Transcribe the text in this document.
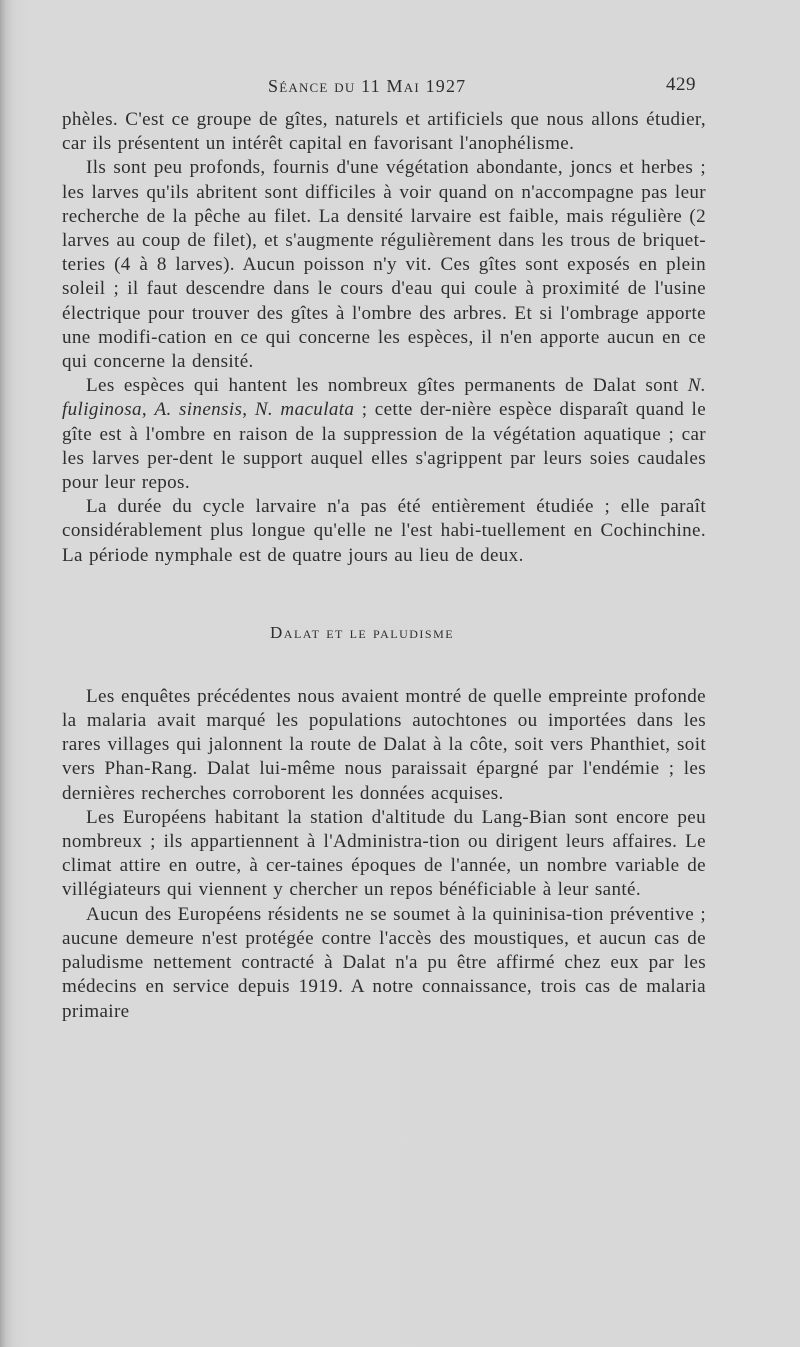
Séance du 11 Mai 1927	429

phèles. C'est ce groupe de gîtes, naturels et artificiels que nous allons étudier, car ils présentent un intérêt capital en favorisant l'anophélisme.

Ils sont peu profonds, fournis d'une végétation abondante, joncs et herbes ; les larves qu'ils abritent sont difficiles à voir quand on n'accompagne pas leur recherche de la pêche au filet. La densité larvaire est faible, mais régulière (2 larves au coup de filet), et s'augmente régulièrement dans les trous de briquet-teries (4 à 8 larves). Aucun poisson n'y vit. Ces gîtes sont exposés en plein soleil ; il faut descendre dans le cours d'eau qui coule à proximité de l'usine électrique pour trouver des gîtes à l'ombre des arbres. Et si l'ombrage apporte une modifi-cation en ce qui concerne les espèces, il n'en apporte aucun en ce qui concerne la densité.

Les espèces qui hantent les nombreux gîtes permanents de Dalat sont N. fuliginosa, A. sinensis, N. maculata ; cette der-nière espèce disparaît quand le gîte est à l'ombre en raison de la suppression de la végétation aquatique ; car les larves per-dent le support auquel elles s'agrippent par leurs soies caudales pour leur repos.

La durée du cycle larvaire n'a pas été entièrement étudiée ; elle paraît considérablement plus longue qu'elle ne l'est habi-tuellement en Cochinchine. La période nymphale est de quatre jours au lieu de deux.

Dalat et le paludisme

Les enquêtes précédentes nous avaient montré de quelle empreinte profonde la malaria avait marqué les populations autochtones ou importées dans les rares villages qui jalonnent la route de Dalat à la côte, soit vers Phanthiet, soit vers Phan-Rang. Dalat lui-même nous paraissait épargné par l'endémie ; les dernières recherches corroborent les données acquises.

Les Européens habitant la station d'altitude du Lang-Bian sont encore peu nombreux ; ils appartiennent à l'Administra-tion ou dirigent leurs affaires. Le climat attire en outre, à cer-taines époques de l'année, un nombre variable de villégiateurs qui viennent y chercher un repos bénéficiable à leur santé.

Aucun des Européens résidents ne se soumet à la quininisa-tion préventive ; aucune demeure n'est protégée contre l'accès des moustiques, et aucun cas de paludisme nettement contracté à Dalat n'a pu être affirmé chez eux par les médecins en service depuis 1919. A notre connaissance, trois cas de malaria primaire
